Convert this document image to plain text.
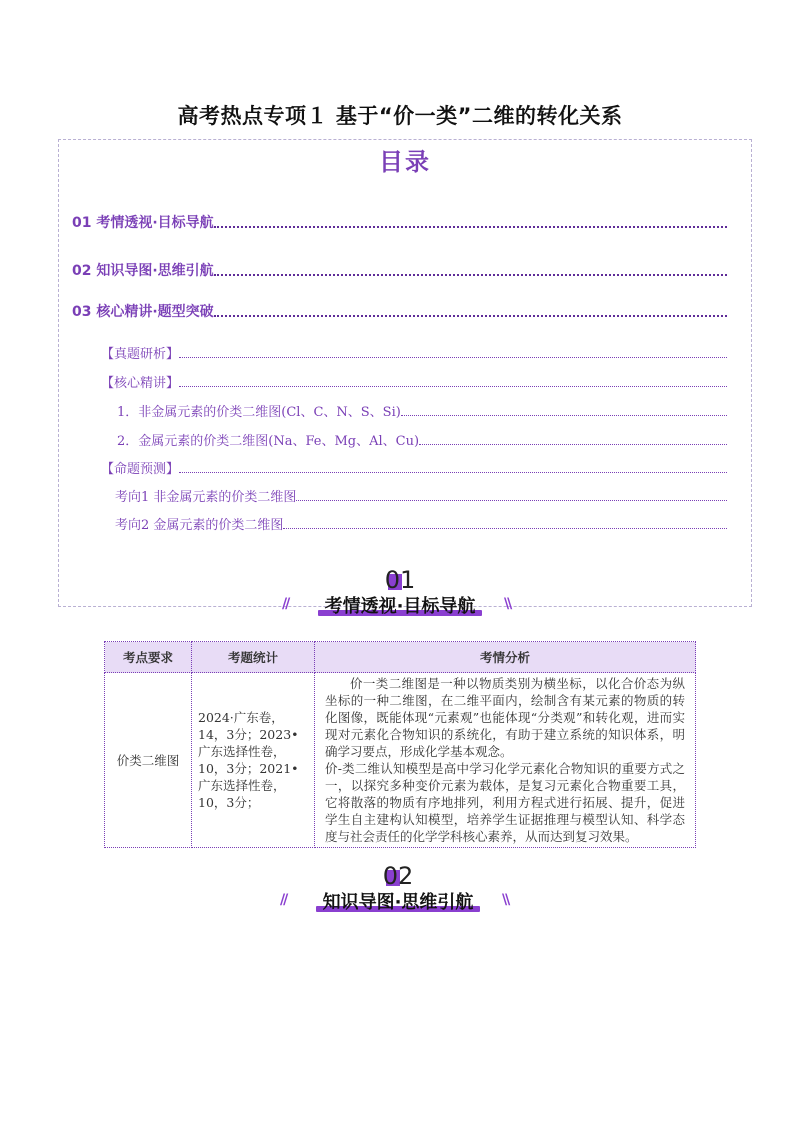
高考热点专项１ 基于“价一类”二维的转化关系
目录
01 考情透视·目标导航
02 知识导图·思维引航
03 核心精讲·题型突破
【真题研析】
【核心精讲】
1．非金属元素的价类二维图(Cl、C、N、S、Si)
2．金属元素的价类二维图(Na、Fe、Mg、Al、Cu)
【命题预测】
考向1 非金属元素的价类二维图
考向2 金属元素的价类二维图
01
//	考情透视·目标导航	\\
考点要求	考题统计	考情分析
价类二维图	2024·广东卷，14，3分；2023•广东选择性卷，10，3分；2021•广东选择性卷，10，3分；	价一类二维图是一种以物质类别为横坐标，以化合价态为纵坐标的一种二维图，在二维平面内，绘制含有某元素的物质的转化图像，既能体现“元素观”也能体现“分类观”和转化观，进而实现对元素化合物知识的系统化，有助于建立系统的知识体系，明确学习要点，形成化学基本观念。

价-类二维认知模型是高中学习化学元素化合物知识的重要方式之一，以探究多种变价元素为载体，是复习元素化合物重要工具，它将散落的物质有序地排列，利用方程式进行拓展、提升，促进学生自主建构认知模型，培养学生证据推理与模型认知、科学态度与社会责任的化学学科核心素养，从而达到复习效果。

02
//	知识导图·思维引航	\\
